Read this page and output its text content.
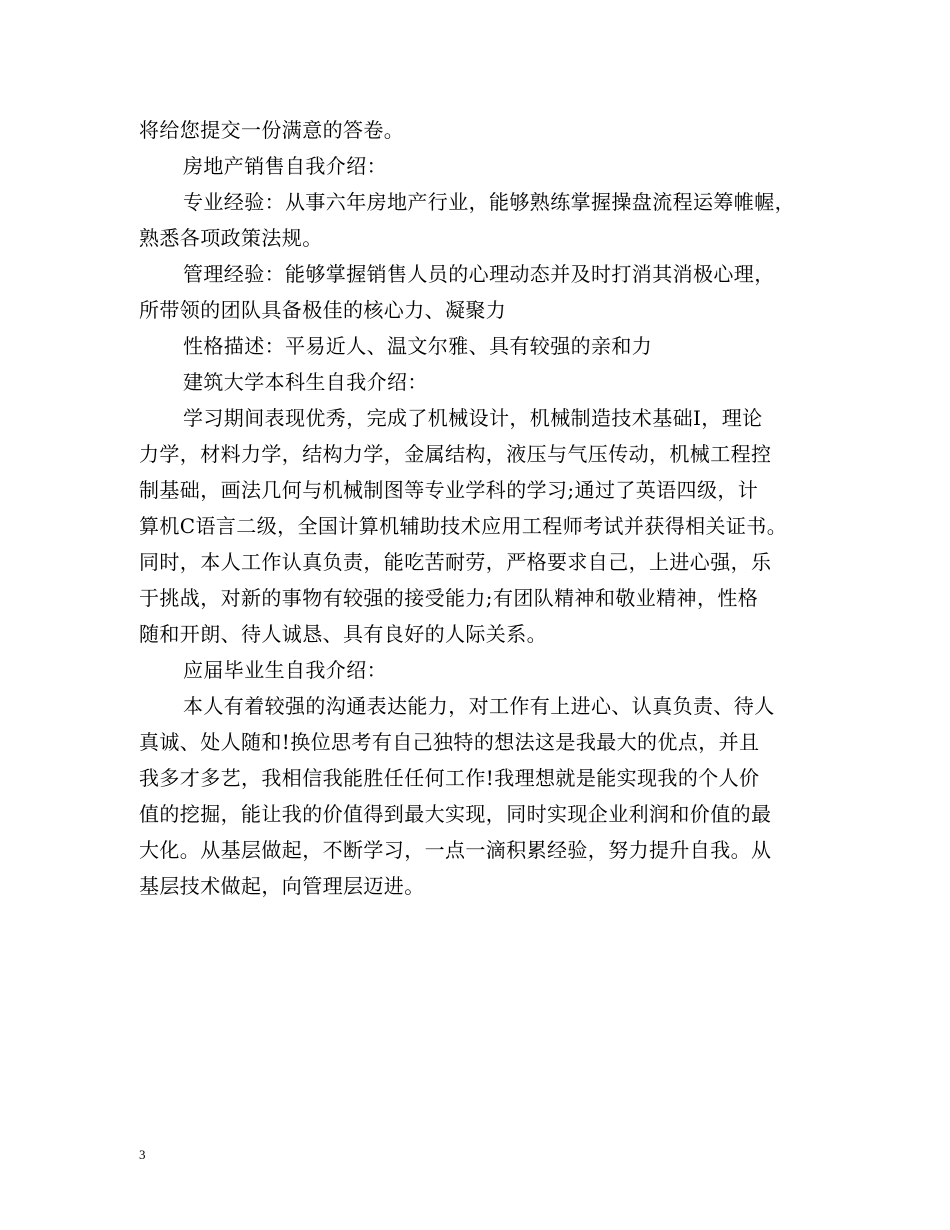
将给您提交一份满意的答卷。
房地产销售自我介绍：
专业经验：从事六年房地产行业，能够熟练掌握操盘流程运筹帷幄，
熟悉各项政策法规。
管理经验：能够掌握销售人员的心理动态并及时打消其消极心理，
所带领的团队具备极佳的核心力、凝聚力
性格描述：平易近人、温文尔雅、具有较强的亲和力
建筑大学本科生自我介绍：
学习期间表现优秀，完成了机械设计，机械制造技术基础Ⅰ，理论
力学，材料力学，结构力学，金属结构，液压与气压传动，机械工程控
制基础，画法几何与机械制图等专业学科的学习;通过了英语四级，计
算机C语言二级，全国计算机辅助技术应用工程师考试并获得相关证书。
同时，本人工作认真负责，能吃苦耐劳，严格要求自己，上进心强，乐
于挑战，对新的事物有较强的接受能力;有团队精神和敬业精神，性格
随和开朗、待人诚恳、具有良好的人际关系。
应届毕业生自我介绍：
本人有着较强的沟通表达能力，对工作有上进心、认真负责、待人
真诚、处人随和!换位思考有自己独特的想法这是我最大的优点，并且
我多才多艺，我相信我能胜任任何工作!我理想就是能实现我的个人价
值的挖掘，能让我的价值得到最大实现，同时实现企业利润和价值的最
大化。从基层做起，不断学习，一点一滴积累经验，努力提升自我。从
基层技术做起，向管理层迈进。
3
